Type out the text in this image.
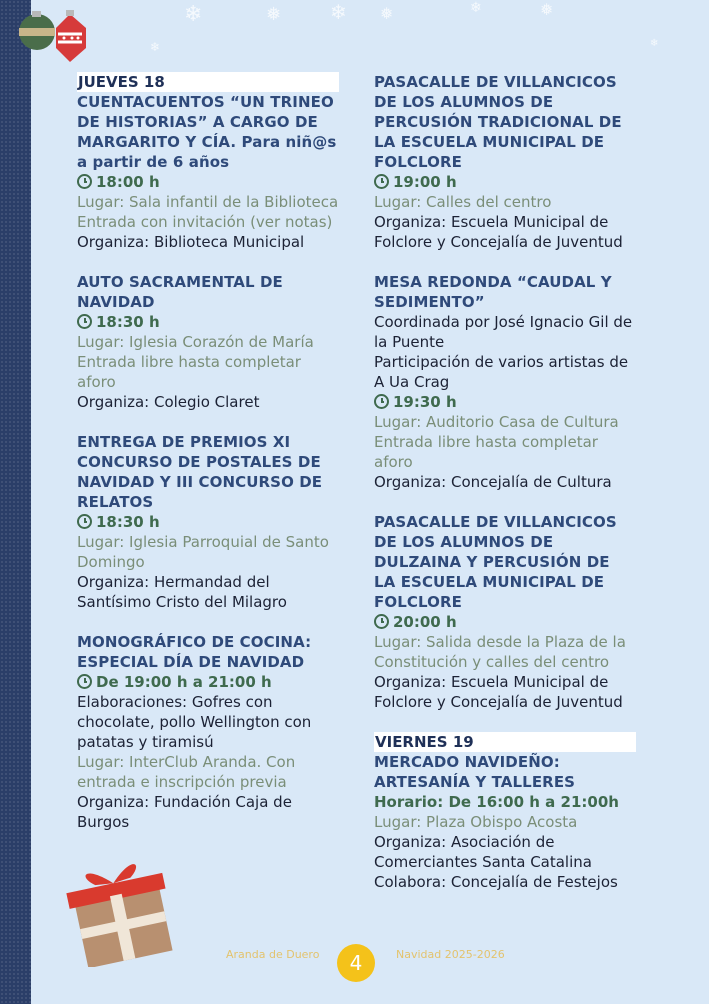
❄	❅ ❄ ❅	❄	❅
❄	❄
JUEVES 18
CUENTACUENTOS “UN TRINEO DE HISTORIAS” A CARGO DE MARGARITO Y CÍA. Para niñ@s a partir de 6 años
18:00 h
Lugar: Sala infantil de la Biblioteca
Entrada con invitación (ver notas)
Organiza: Biblioteca Municipal
AUTO SACRAMENTAL DE NAVIDAD
18:30 h
Lugar: Iglesia Corazón de María
Entrada libre hasta completar aforo
Organiza: Colegio Claret
ENTREGA DE PREMIOS XI CONCURSO DE POSTALES DE NAVIDAD Y III CONCURSO DE RELATOS
18:30 h
Lugar: Iglesia Parroquial de Santo Domingo
Organiza: Hermandad del Santísimo Cristo del Milagro
MONOGRÁFICO DE COCINA: ESPECIAL DÍA DE NAVIDAD
De 19:00 h a 21:00 h
Elaboraciones: Gofres con chocolate, pollo Wellington con patatas y tiramisú
Lugar: InterClub Aranda. Con entrada e inscripción previa
Organiza: Fundación Caja de Burgos
PASACALLE DE VILLANCICOS DE LOS ALUMNOS DE PERCUSIÓN TRADICIONAL DE LA ESCUELA MUNICIPAL DE FOLCLORE
19:00 h
Lugar: Calles del centro
Organiza: Escuela Municipal de Folclore y Concejalía de Juventud
MESA REDONDA “CAUDAL Y SEDIMENTO”
Coordinada por José Ignacio Gil de la Puente
Participación de varios artistas de A Ua Crag
19:30 h
Lugar: Auditorio Casa de Cultura
Entrada libre hasta completar aforo
Organiza: Concejalía de Cultura
PASACALLE DE VILLANCICOS DE LOS ALUMNOS DE DULZAINA Y PERCUSIÓN DE LA ESCUELA MUNICIPAL DE FOLCLORE
20:00 h
Lugar: Salida desde la Plaza de la Constitución y calles del centro
Organiza: Escuela Municipal de Folclore y Concejalía de Juventud
VIERNES 19
MERCADO NAVIDEÑO: ARTESANÍA Y TALLERES
Horario: De 16:00 h a 21:00h
Lugar: Plaza Obispo Acosta
Organiza: Asociación de Comerciantes Santa Catalina
Colabora: Concejalía de Festejos
Aranda de Duero	4	Navidad 2025-2026
